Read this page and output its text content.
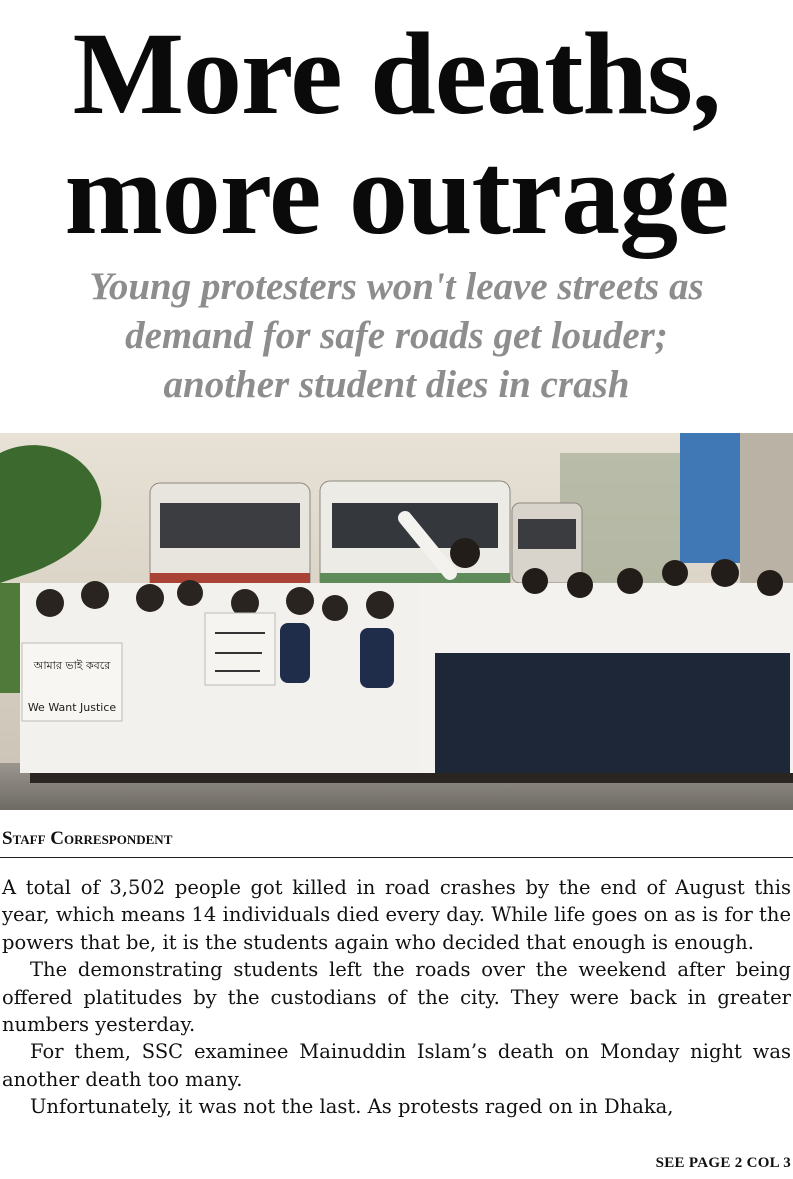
More deaths,
more outrage
Young protesters won't leave streets as
demand for safe roads get louder;
another student dies in crash
আমার ভাই কবরে
We Want Justice
Staff Correspondent

A total of 3,502 people got killed in road crashes by the end of August this year, which means 14 individuals died every day. While life goes on as is for the powers that be, it is the students again who decided that enough is enough.

The demonstrating students left the roads over the weekend after being offered platitudes by the custodians of the city. They were back in greater numbers yesterday.

For them, SSC examinee Mainuddin Islam’s death on Monday night was another death too many.

Unfortunately, it was not the last. As protests raged on in Dhaka,

SEE PAGE 2 COL 3
